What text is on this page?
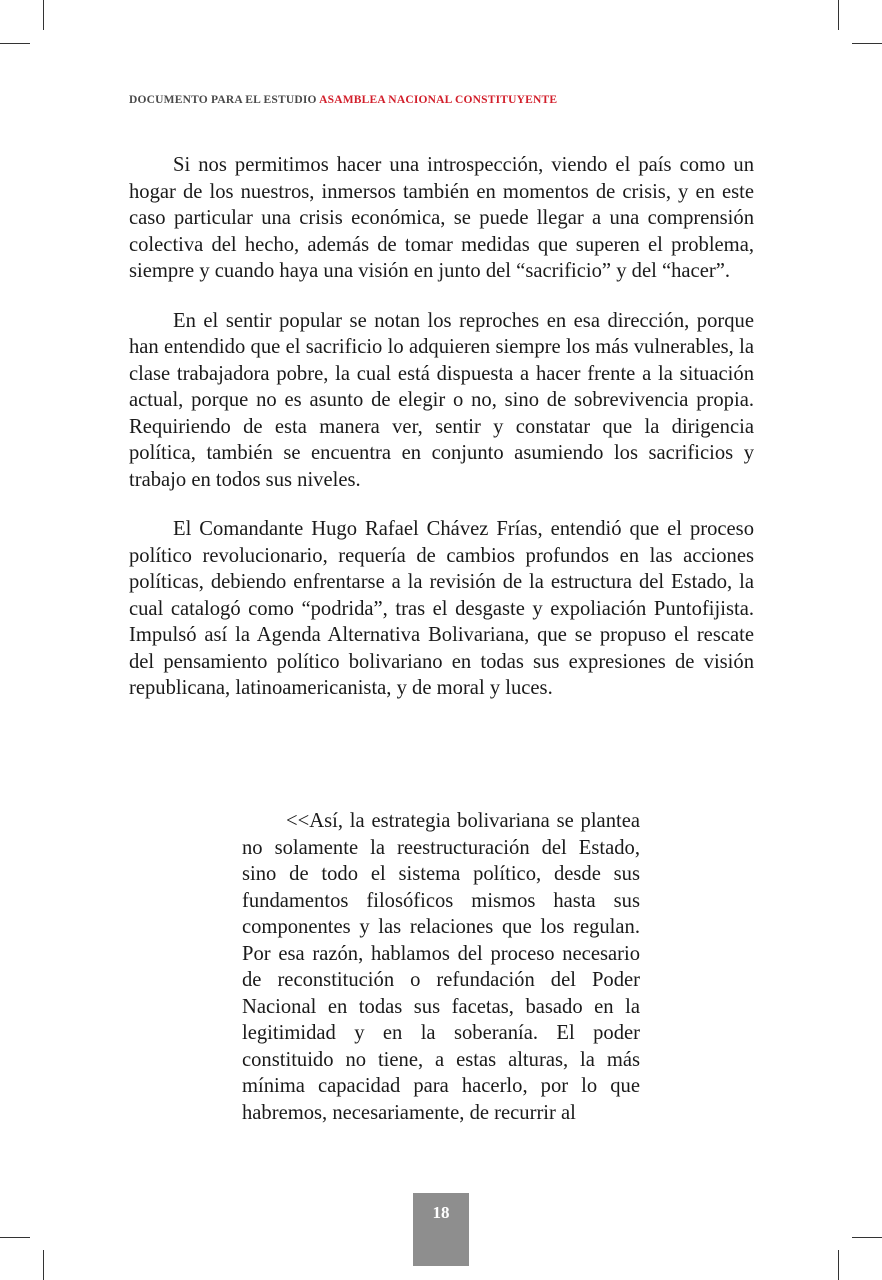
DOCUMENTO PARA EL ESTUDIO ASAMBLEA NACIONAL CONSTITUYENTE

Si nos permitimos hacer una introspección, viendo el país como un hogar de los nuestros, inmersos también en momentos de crisis, y en este caso particular una crisis económica, se puede llegar a una comprensión colectiva del hecho, además de tomar medidas que superen el problema, siempre y cuando haya una visión en junto del “sacrificio” y del “hacer”.

En el sentir popular se notan los reproches en esa dirección, porque han entendido que el sacrificio lo adquieren siempre los más vulnerables, la clase trabajadora pobre, la cual está dispuesta a hacer frente a la situación actual, porque no es asunto de elegir o no, sino de sobrevivencia propia. Requiriendo de esta manera ver, sentir y constatar que la dirigencia política, también se encuentra en conjunto asumiendo los sacrificios y trabajo en todos sus niveles.

El Comandante Hugo Rafael Chávez Frías, entendió que el proceso político revolucionario, requería de cambios profundos en las acciones políticas, debiendo enfrentarse a la revisión de la estructura del Estado, la cual catalogó como “podrida”, tras el desgaste y expoliación Puntofijista. Impulsó así la Agenda Alternativa Bolivariana, que se propuso el rescate del pensamiento político bolivariano en todas sus expresiones de visión republicana, latinoamericanista, y de moral y luces.

<<Así, la estrategia bolivariana se plantea no solamente la reestructuración del Estado, sino de todo el sistema político, desde sus fundamentos filosóficos mismos hasta sus componentes y las relaciones que los regulan. Por esa razón, hablamos del proceso necesario de reconstitución o refundación del Poder Nacional en todas sus facetas, basado en la legitimidad y en la soberanía. El poder constituido no tiene, a estas alturas, la más mínima capacidad para hacerlo, por lo que habremos, necesariamente, de recurrir al

18
